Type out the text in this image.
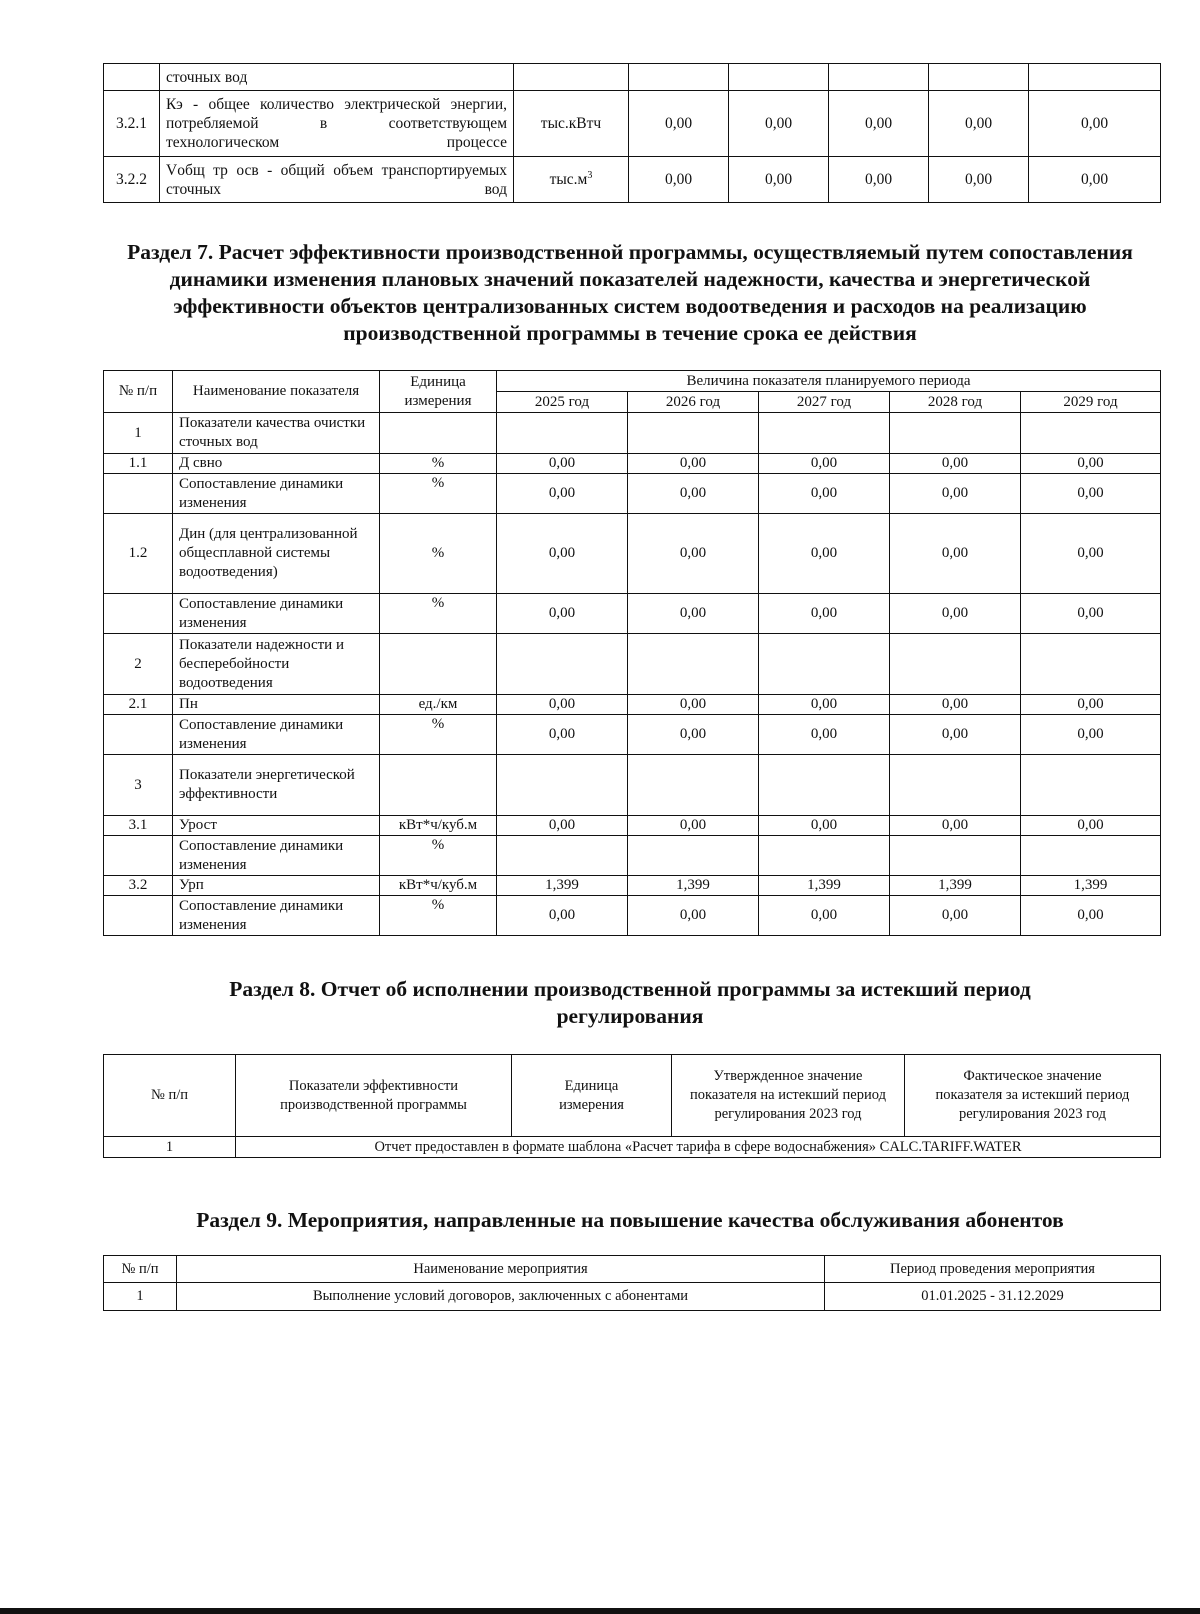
	сточных вод						
3.2.1	Кэ - общее количество электрической энергии, потребляемой в соответствующем технологическом процессе	тыс.кВтч	0,00	0,00	0,00	0,00	0,00
3.2.2	Vобщ тр осв - общий объем транспортируемых сточных вод	$тыс.м^3$	0,00	0,00	0,00	0,00	0,00
Раздел 7. Расчет эффективности производственной программы, осуществляемый путем сопоставления динамики изменения плановых значений показателей надежности, качества и энергетической эффективности объектов централизованных систем водоотведения и расходов на реализацию производственной программы в течение срока ее действия
№ п/п	Наименование показателя	Единица измерения	Величина показателя планируемого периода				
			2025 год	2026 год	2027 год	2028 год	2029 год
1	Показатели качества очистки сточных вод						
1.1	Д свно	%	0,00	0,00	0,00	0,00	0,00
	Сопоставление динамики изменения	%	0,00	0,00	0,00	0,00	0,00
1.2	Дин (для централизованной общесплавной системы водоотведения)	%	0,00	0,00	0,00	0,00	0,00
	Сопоставление динамики изменения	%	0,00	0,00	0,00	0,00	0,00
2	Показатели надежности и бесперебойности водоотведения						
2.1	Пн	ед./км	0,00	0,00	0,00	0,00	0,00
	Сопоставление динамики изменения	%	0,00	0,00	0,00	0,00	0,00
3	Показатели энергетической эффективности						
3.1	Урост	кВт*ч/куб.м	0,00	0,00	0,00	0,00	0,00
	Сопоставление динамики изменения	%					
3.2	Урп	кВт*ч/куб.м	1,399	1,399	1,399	1,399	1,399
	Сопоставление динамики изменения	%	0,00	0,00	0,00	0,00	0,00
Раздел 8. Отчет об исполнении производственной программы за истекший период регулирования
№ п/п	Показатели эффективности производственной программы	Единица измерения	Утвержденное значение показателя на истекший период регулирования 2023 год	Фактическое значение показателя за истекший период регулирования 2023 год
1	Отчет предоставлен в формате шаблона «Расчет тарифа в сфере водоснабжения» CALC.TARIFF.WATER			
Раздел 9. Мероприятия, направленные на повышение качества обслуживания абонентов
№ п/п	Наименование мероприятия	Период проведения мероприятия
1	Выполнение условий договоров, заключенных с абонентами	01.01.2025 - 31.12.2029
